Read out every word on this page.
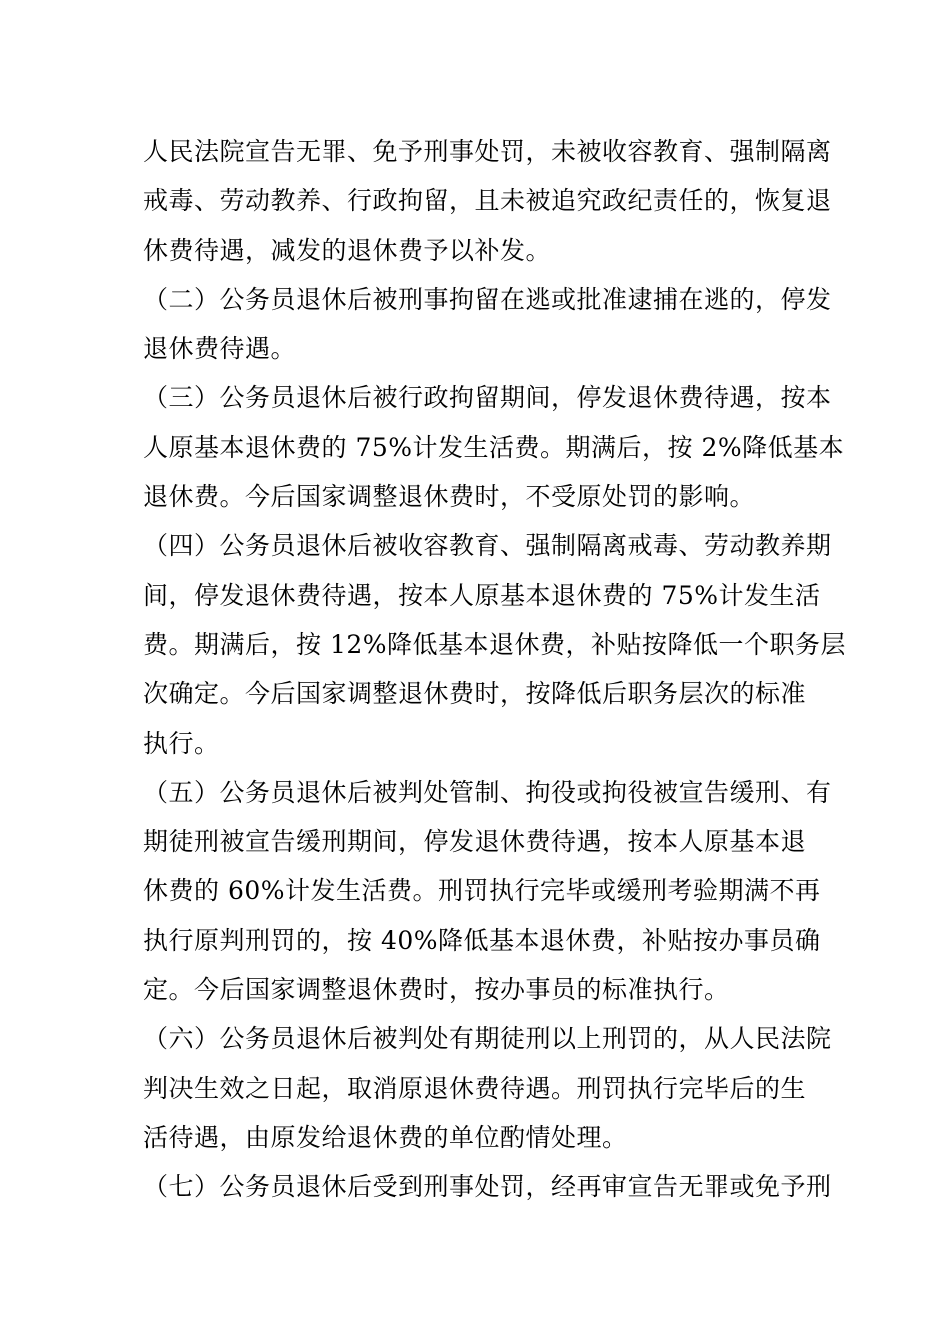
人民法院宣告无罪、免予刑事处罚，未被收容教育、强制隔离
戒毒、劳动教养、行政拘留，且未被追究政纪责任的，恢复退
休费待遇，减发的退休费予以补发。
（二）公务员退休后被刑事拘留在逃或批准逮捕在逃的，停发
退休费待遇。
（三）公务员退休后被行政拘留期间，停发退休费待遇，按本
人原基本退休费的 75%计发生活费。期满后，按 2%降低基本
退休费。今后国家调整退休费时，不受原处罚的影响。
（四）公务员退休后被收容教育、强制隔离戒毒、劳动教养期
间，停发退休费待遇，按本人原基本退休费的 75%计发生活
费。期满后，按 12%降低基本退休费，补贴按降低一个职务层
次确定。今后国家调整退休费时，按降低后职务层次的标准
执行。
（五）公务员退休后被判处管制、拘役或拘役被宣告缓刑、有
期徒刑被宣告缓刑期间，停发退休费待遇，按本人原基本退
休费的 60%计发生活费。刑罚执行完毕或缓刑考验期满不再
执行原判刑罚的，按 40%降低基本退休费，补贴按办事员确
定。今后国家调整退休费时，按办事员的标准执行。
（六）公务员退休后被判处有期徒刑以上刑罚的，从人民法院
判决生效之日起，取消原退休费待遇。刑罚执行完毕后的生
活待遇，由原发给退休费的单位酌情处理。
（七）公务员退休后受到刑事处罚，经再审宣告无罪或免予刑
